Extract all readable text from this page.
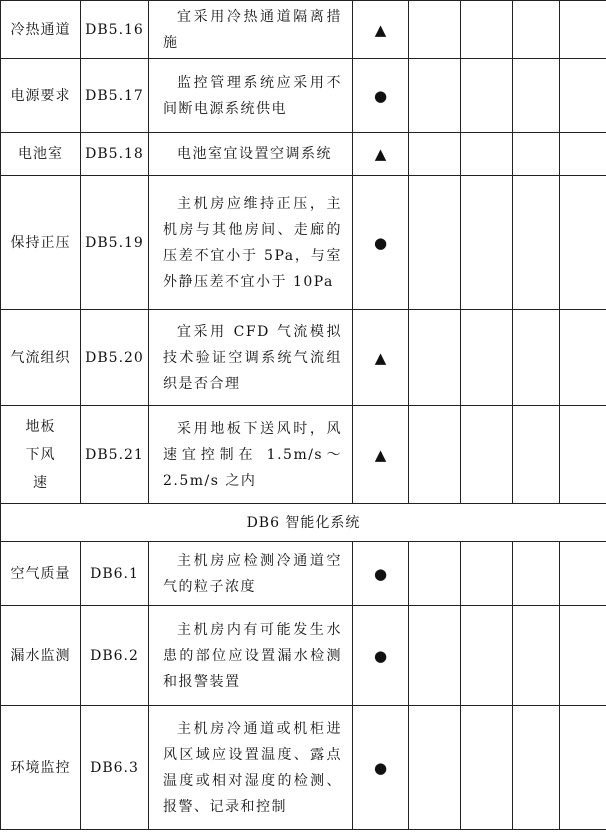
冷热通道	DB5.16	宜采用冷热通道隔离措施	▲				
电源要求	DB5.17	监控管理系统应采用不间断电源系统供电	●				
电池室	DB5.18	电池室宜设置空调系统	▲				
保持正压	DB5.19	主机房应维持正压，主机房与其他房间、走廊的压差不宜小于 5Pa，与室外静压差不宜小于 10Pa	●				
气流组织	DB5.20	宜采用 CFD 气流模拟技术验证空调系统气流组织是否合理	▲				
地板下风速	DB5.21	采用地板下送风时，风速宜控制在 1.5m/s～2.5m/s 之内	▲				
DB6 智能化系统							
空气质量	DB6.1	主机房应检测冷通道空气的粒子浓度	●				
漏水监测	DB6.2	主机房内有可能发生水患的部位应设置漏水检测和报警装置	●				
环境监控	DB6.3	主机房冷通道或机柜进风区域应设置温度、露点温度或相对湿度的检测、报警、记录和控制	●				
